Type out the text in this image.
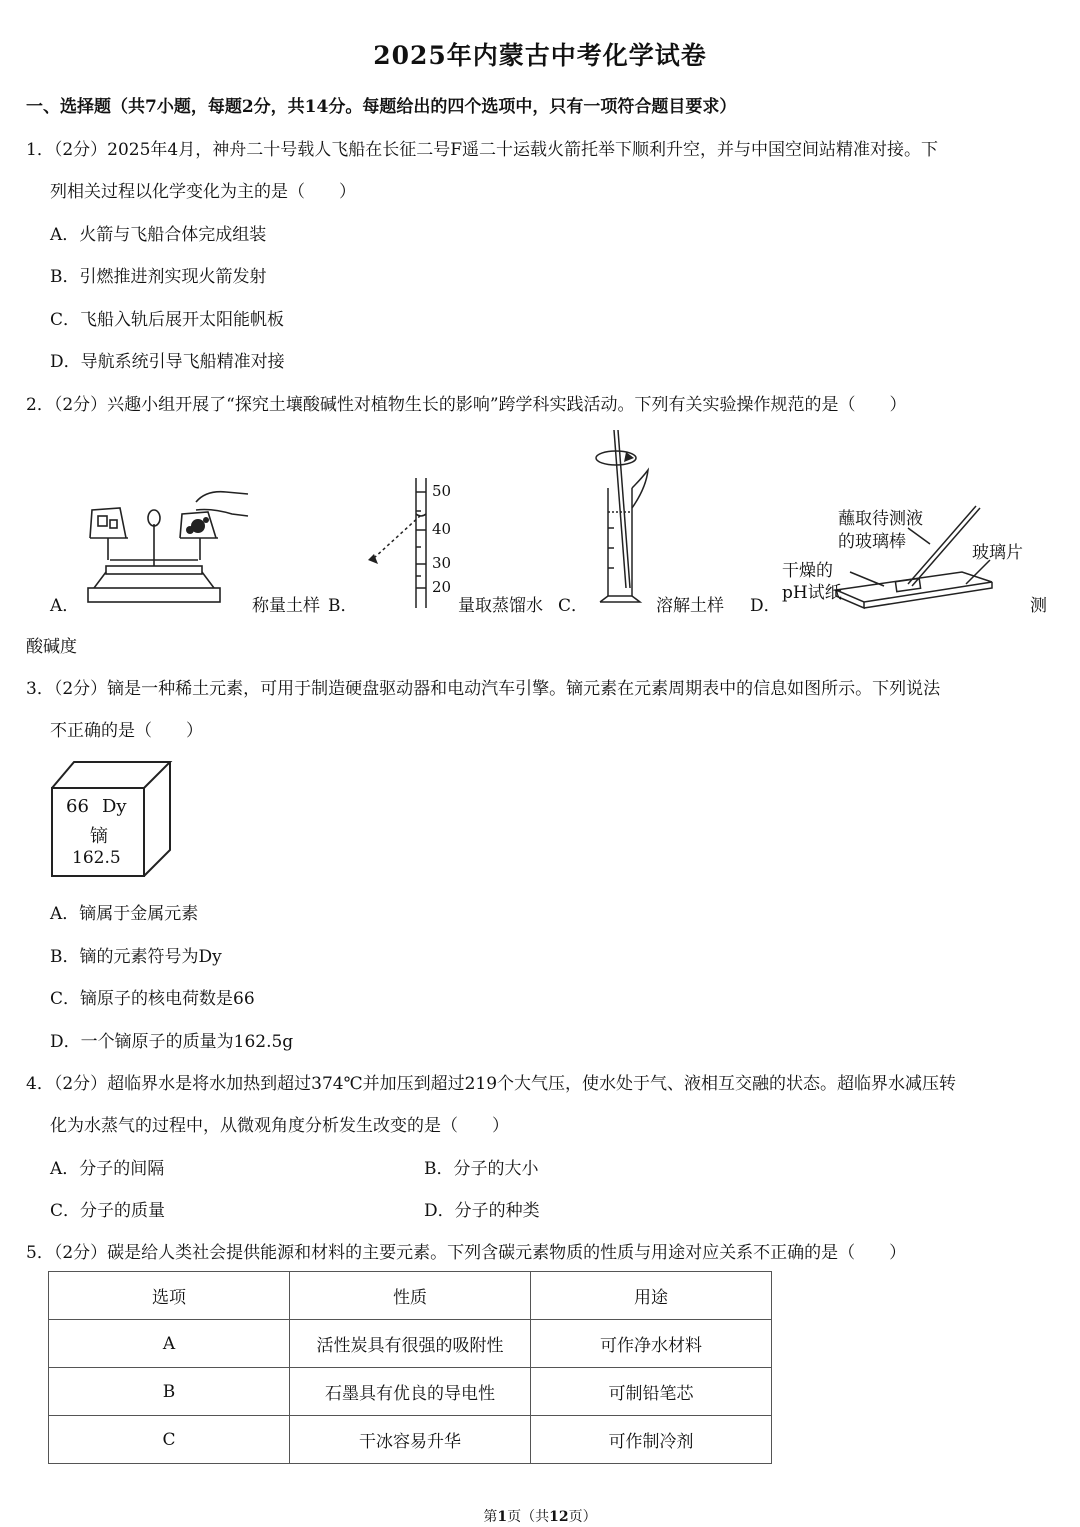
2025年内蒙古中考化学试卷
一、选择题（共7小题，每题2分，共14分。每题给出的四个选项中，只有一项符合题目要求）
1．（2分）2025年4月，神舟二十号载人飞船在长征二号F遥二十运载火箭托举下顺利升空，并与中国空间站精准对接。下
列相关过程以化学变化为主的是（　　）
A．火箭与飞船合体完成组装
B．引燃推进剂实现火箭发射
C．飞船入轨后展开太阳能帆板
D．导航系统引导飞船精准对接
2．（2分）兴趣小组开展了“探究土壤酸碱性对植物生长的影响”跨学科实践活动。下列有关实验操作规范的是（　　）
A．	称量土样 B．
50
40
30
20
量取蒸馏水 C．	溶解土样 D．
蘸取待测液
的玻璃棒
玻璃片
干燥的
pH试纸
测
酸碱度
3．（2分）镝是一种稀土元素，可用于制造硬盘驱动器和电动汽车引擎。镝元素在元素周期表中的信息如图所示。下列说法
不正确的是（　　）
66 Dy
镝
162.5
A．镝属于金属元素
B．镝的元素符号为Dy
C．镝原子的核电荷数是66
D．一个镝原子的质量为162.5g
4．（2分）超临界水是将水加热到超过374℃并加压到超过219个大气压，使水处于气、液相互交融的状态。超临界水减压转
化为水蒸气的过程中，从微观角度分析发生改变的是（　　）
A．分子的间隔	B．分子的大小
C．分子的质量	D．分子的种类
5．（2分）碳是给人类社会提供能源和材料的主要元素。下列含碳元素物质的性质与用途对应关系不正确的是（　　）
选项	性质	用途
A	活性炭具有很强的吸附性	可作净水材料
B	石墨具有优良的导电性	可制铅笔芯
C	干冰容易升华	可作制冷剂
第1页（共12页）
